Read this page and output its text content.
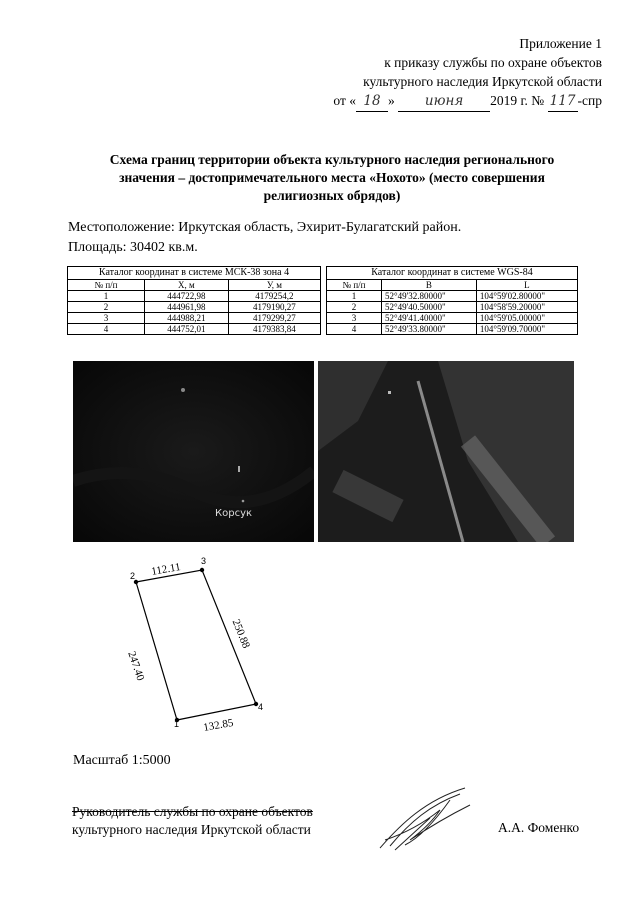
Приложение 1
к приказу службы по охране объектов
культурного наследия Иркутской области
от « 18 » июня 2019 г. № 117 -спр
Схема границ территории объекта культурного наследия регионального
значения – достопримечательного места «Нохото» (место совершения
религиозных обрядов)
Местоположение: Иркутская область, Эхирит-Булагатский район.
Площадь: 30402 кв.м.
Каталог координат в системе МСК-38 зона 4		
№ п/п	X, м	У, м
1	444722,98	4179254,2
2	444961,98	4179190,27
3	444988,21	4179299,27
4	444752,01	4179383,84
Каталог координат в системе WGS-84		
№ п/п	B	L
1	52°49'32.80000"	104°59'02.80000"
2	52°49'40.50000"	104°58'59.20000"
3	52°49'41.40000"	104°59'05.00000"
4	52°49'33.80000"	104°59'09.70000"
Корсук
1
2
3
4
112.11
247.40
250.88
132.85
Масштаб 1:5000
Руководитель службы по охране объектов
культурного наследия Иркутской области	А.А. Фоменко
